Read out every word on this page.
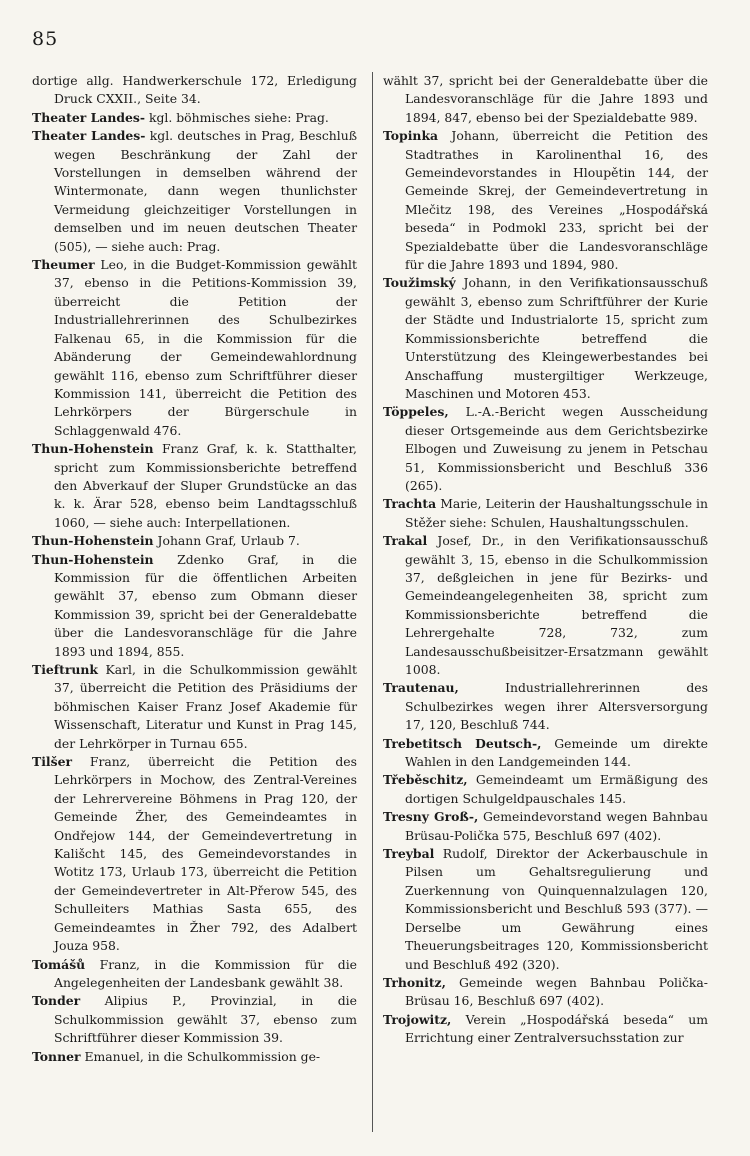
85

dortige allg. Handwerkerschule 172, Erledigung Druck CXXII., Seite 34.

Theater Landes- kgl. böhmisches siehe: Prag.

Theater Landes- kgl. deutsches in Prag, Beschluß wegen Beschränkung der Zahl der Vorstellungen in demselben während der Wintermonate, dann wegen thunlichster Vermeidung gleichzeitiger Vorstellungen in demselben und im neuen deutschen Theater (505), — siehe auch: Prag.

Theumer Leo, in die Budget-Kommission gewählt 37, ebenso in die Petitions-Kommission 39, überreicht die Petition der Industriallehrerinnen des Schulbezirkes Falkenau 65, in die Kommission für die Abänderung der Gemeindewahlordnung gewählt 116, ebenso zum Schriftführer dieser Kommission 141, überreicht die Petition des Lehrkörpers der Bürgerschule in Schlaggenwald 476.

Thun-Hohenstein Franz Graf, k. k. Statthalter, spricht zum Kommissionsberichte betreffend den Abverkauf der Sluper Grundstücke an das k. k. Ärar 528, ebenso beim Landtagsschluß 1060, — siehe auch: Interpellationen.

Thun-Hohenstein Johann Graf, Urlaub 7.

Thun-Hohenstein Zdenko Graf, in die Kommission für die öffentlichen Arbeiten gewählt 37, ebenso zum Obmann dieser Kommission 39, spricht bei der Generaldebatte über die Landesvoranschläge für die Jahre 1893 und 1894, 855.

Tieftrunk Karl, in die Schulkommission gewählt 37, überreicht die Petition des Präsidiums der böhmischen Kaiser Franz Josef Akademie für Wissenschaft, Literatur und Kunst in Prag 145, der Lehrkörper in Turnau 655.

Tilšer Franz, überreicht die Petition des Lehrkörpers in Mochow, des Zentral-Vereines der Lehrervereine Böhmens in Prag 120, der Gemeinde Žher, des Gemeindeamtes in Ondřejow 144, der Gemeindevertretung in Kališcht 145, des Gemeindevorstandes in Wotitz 173, Urlaub 173, überreicht die Petition der Gemeindevertreter in Alt-Přerow 545, des Schulleiters Mathias Sasta 655, des Gemeindeamtes in Žher 792, des Adalbert Jouza 958.

Tomášů Franz, in die Kommission für die Angelegenheiten der Landesbank gewählt 38.

Tonder Alipius P., Provinzial, in die Schulkommission gewählt 37, ebenso zum Schriftführer dieser Kommission 39.

Tonner Emanuel, in die Schulkommission ge-

wählt 37, spricht bei der Generaldebatte über die Landesvoranschläge für die Jahre 1893 und 1894, 847, ebenso bei der Spezialdebatte 989.

Topinka Johann, überreicht die Petition des Stadtrathes in Karolinenthal 16, des Gemeindevorstandes in Hloupětin 144, der Gemeinde Skrej, der Gemeindevertretung in Mlečitz 198, des Vereines „Hospodářská beseda“ in Podmokl 233, spricht bei der Spezialdebatte über die Landesvoranschläge für die Jahre 1893 und 1894, 980.

Toužimský Johann, in den Verifikationsausschuß gewählt 3, ebenso zum Schriftführer der Kurie der Städte und Industrialorte 15, spricht zum Kommissionsberichte betreffend die Unterstützung des Kleingewerbestandes bei Anschaffung mustergiltiger Werkzeuge, Maschinen und Motoren 453.

Töppeles, L.-A.-Bericht wegen Ausscheidung dieser Ortsgemeinde aus dem Gerichtsbezirke Elbogen und Zuweisung zu jenem in Petschau 51, Kommissionsbericht und Beschluß 336 (265).

Trachta Marie, Leiterin der Haushaltungsschule in Stěžer siehe: Schulen, Haushaltungsschulen.

Trakal Josef, Dr., in den Verifikationsausschuß gewählt 3, 15, ebenso in die Schulkommission 37, deßgleichen in jene für Bezirks- und Gemeindeangelegenheiten 38, spricht zum Kommissionsberichte betreffend die Lehrergehalte 728, 732, zum Landesausschußbeisitzer-Ersatzmann gewählt 1008.

Trautenau,	Industriallehrerinnen des Schulbezirkes wegen ihrer Altersversorgung 17, 120, Beschluß 744.

Trebetitsch Deutsch-, Gemeinde um direkte Wahlen in den Landgemeinden 144.

Třeběschitz, Gemeindeamt um Ermäßigung des dortigen Schulgeldpauschales 145.

Tresny Groß-, Gemeindevorstand wegen Bahnbau Brüsau-Polička 575, Beschluß 697 (402).

Treybal Rudolf, Direktor der Ackerbauschule in Pilsen um Gehaltsregulierung und Zuerkennung von Quinquennalzulagen 120, Kommissionsbericht und Beschluß 593 (377). — Derselbe um Gewährung eines Theuerungsbeitrages 120, Kommissionsbericht und Beschluß 492 (320).

Trhonitz, Gemeinde wegen Bahnbau Polička-Brüsau 16, Beschluß 697 (402).

Trojowitz, Verein „Hospodářská beseda“ um Errichtung einer Zentralversuchsstation zur
